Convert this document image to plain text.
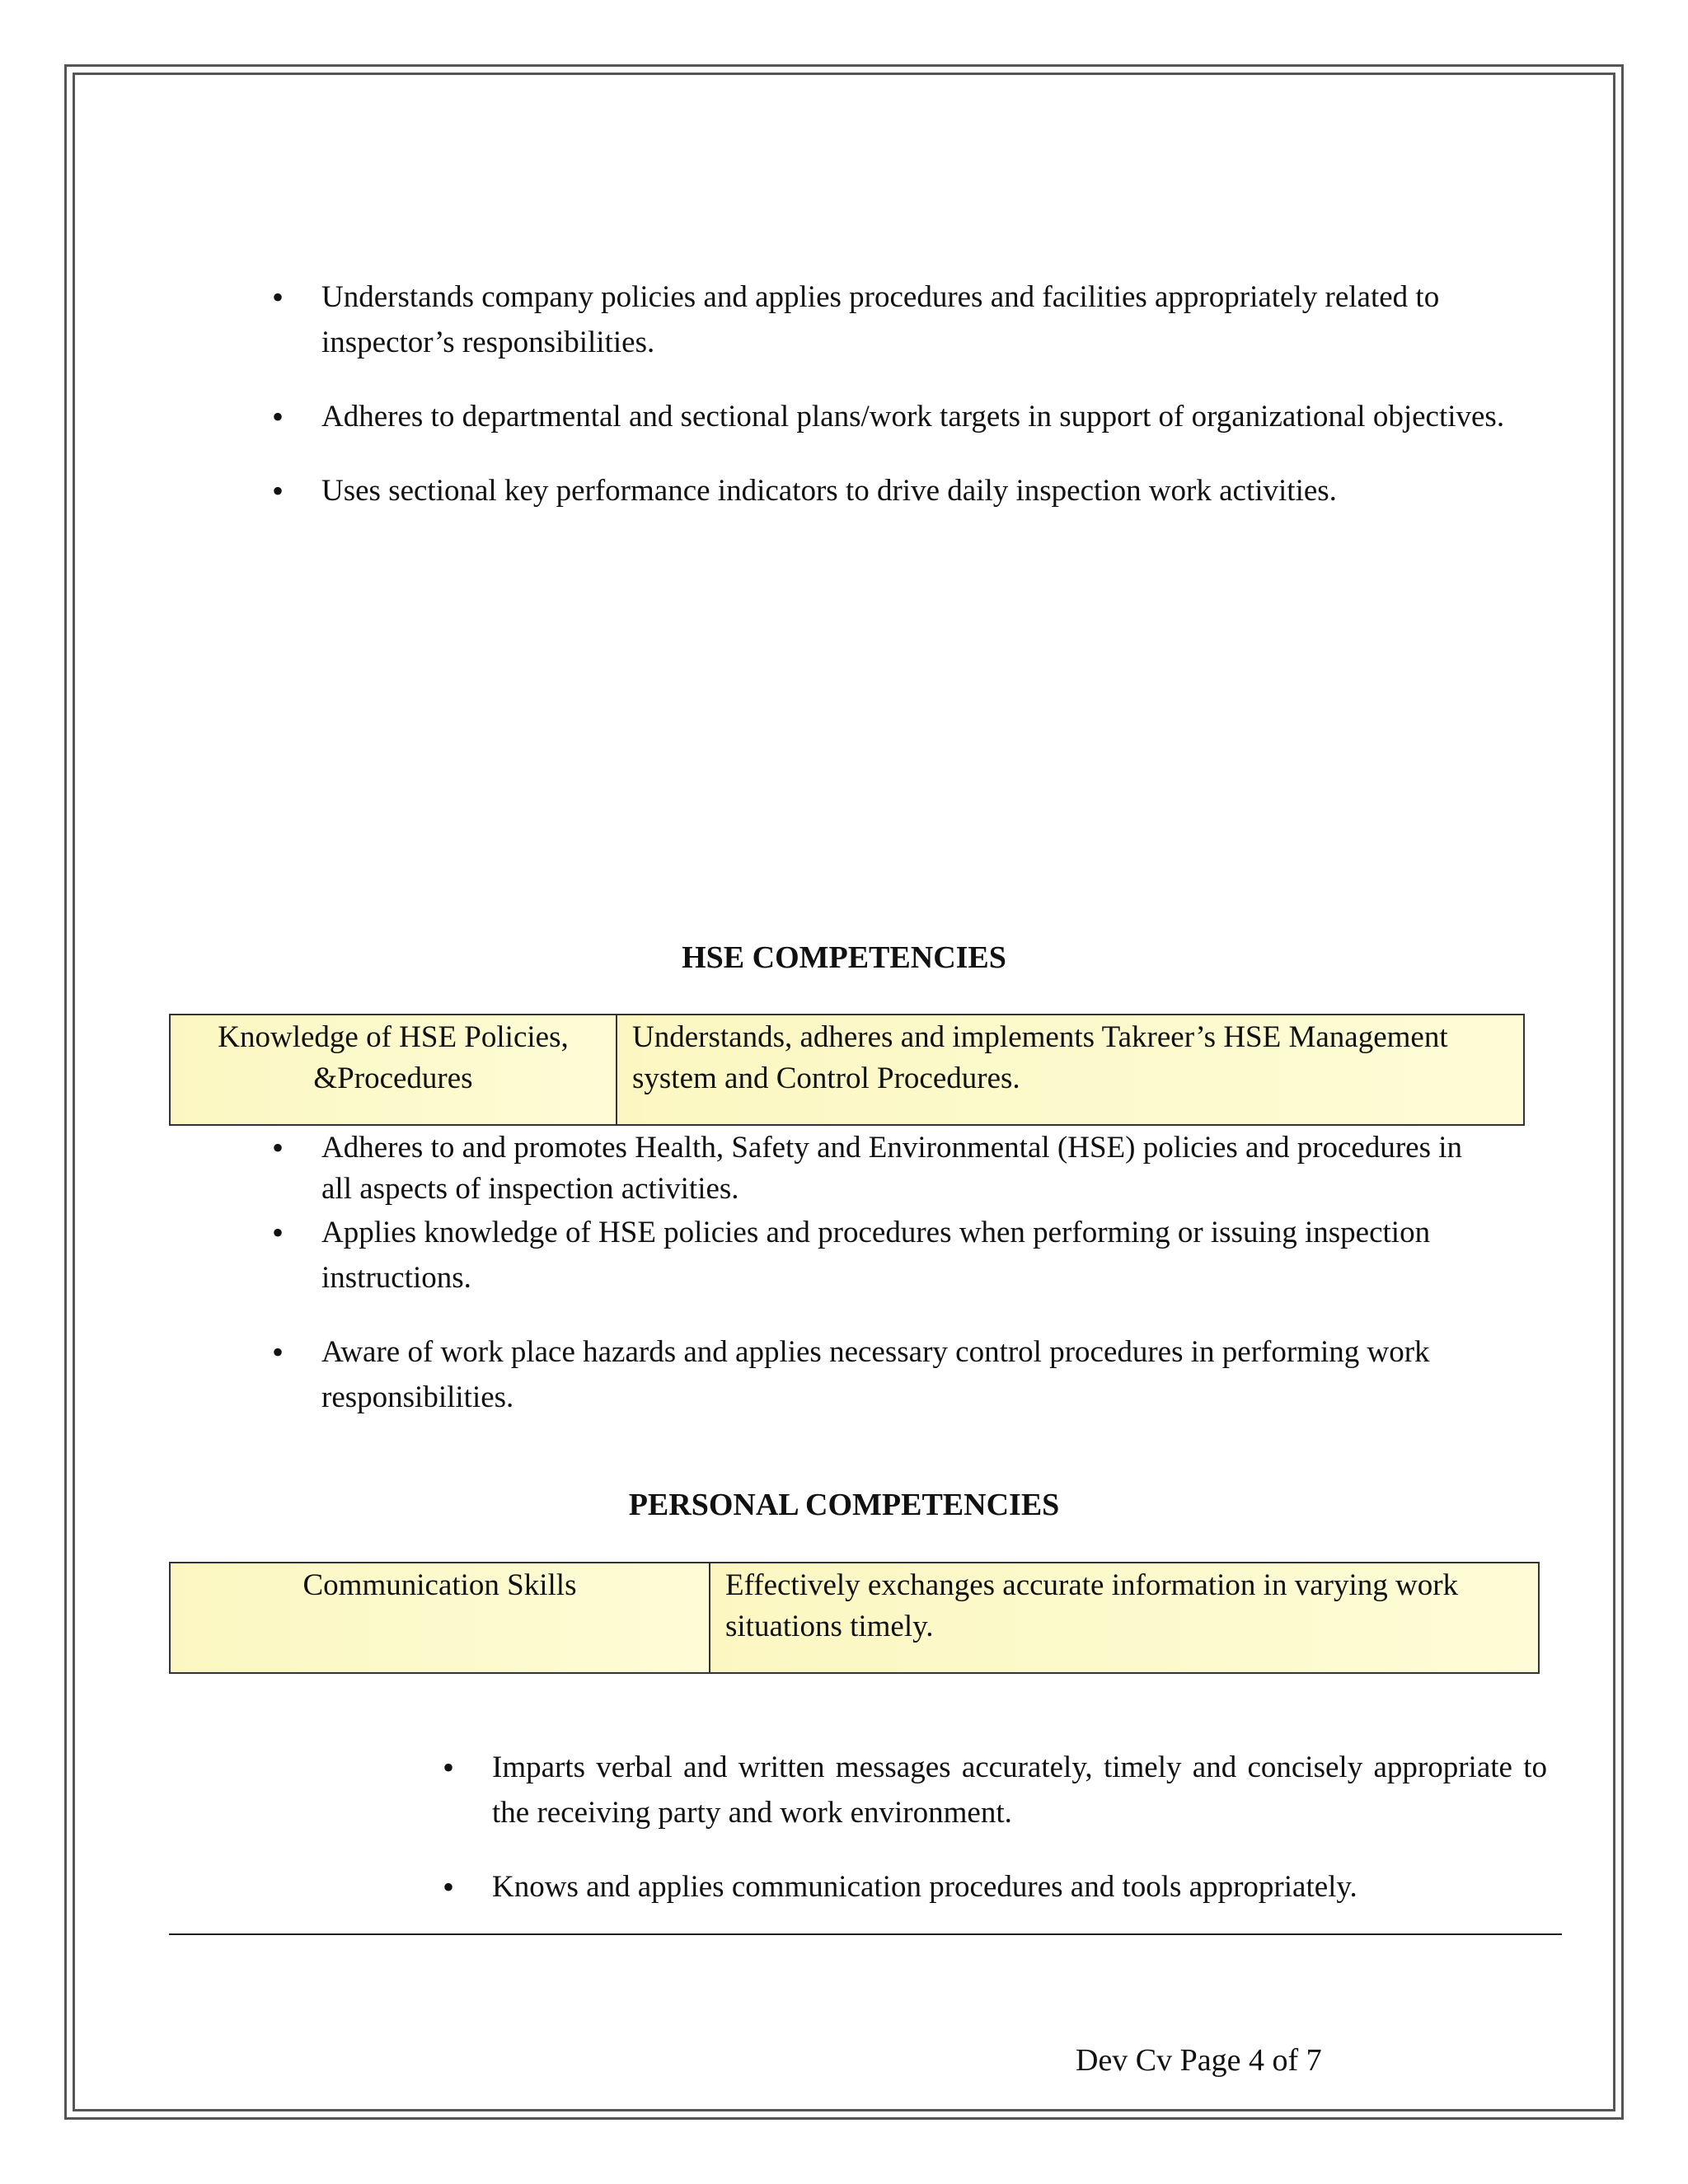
• Understands company policies and applies procedures and facilities appropriately related to inspector’s responsibilities.
• Adheres to departmental and sectional plans/work targets in support of organizational objectives.
• Uses sectional key performance indicators to drive daily inspection work activities.
HSE COMPETENCIES
Knowledge of HSE Policies, &Procedures	Understands, adheres and implements Takreer’s HSE Management system and Control Procedures.
• Adheres to and promotes Health, Safety and Environmental (HSE) policies and procedures in all aspects of inspection activities.
• Applies knowledge of HSE policies and procedures when performing or issuing inspection instructions.
• Aware of work place hazards and applies necessary control procedures in performing work responsibilities.
PERSONAL COMPETENCIES
Communication Skills	Effectively exchanges accurate information in varying work situations timely.
• Imparts verbal and written messages accurately, timely and concisely appropriate to the receiving party and work environment.
• Knows and applies communication procedures and tools appropriately.
Dev Cv Page 4 of 7
